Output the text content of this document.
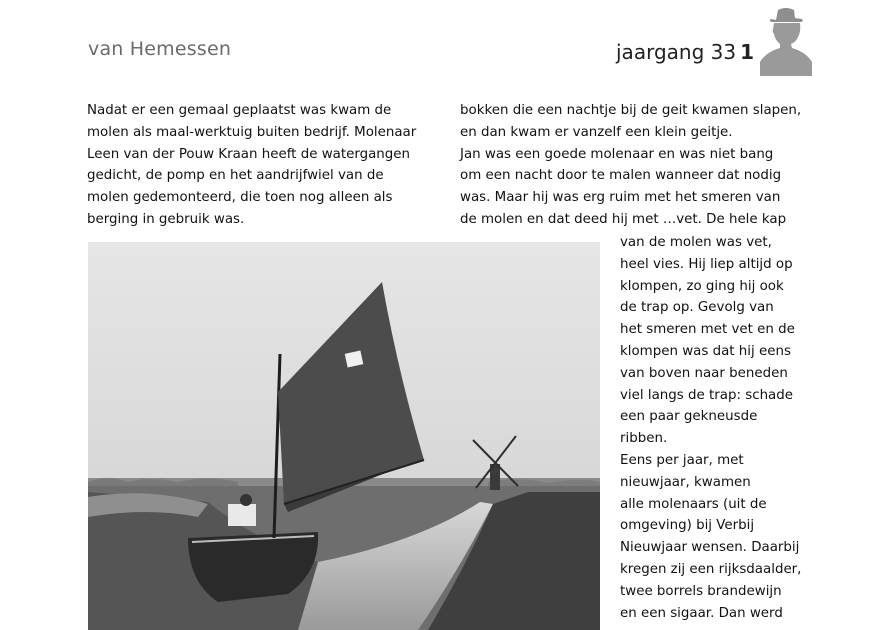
van Hemessen	jaargang 33 1
Nadat er een gemaal geplaatst was kwam de
molen als maal-werktuig buiten bedrijf. Molenaar
Leen van der Pouw Kraan heeft de watergangen
gedicht, de pomp en het aandrijfwiel van de
molen gedemonteerd, die toen nog alleen als
berging in gebruik was.
bokken die een nachtje bij de geit kwamen slapen,
en dan kwam er vanzelf een klein geitje.
Jan was een goede molenaar en was niet bang
om een nacht door te malen wanneer dat nodig
was. Maar hij was erg ruim met het smeren van
de molen en dat deed hij met …vet. De hele kap
van de molen was vet,
heel vies. Hij liep altijd op
klompen, zo ging hij ook
de trap op. Gevolg van
het smeren met vet en de
klompen was dat hij eens
van boven naar beneden
viel langs de trap: schade
een paar gekneusde
ribben.
Eens per jaar, met
nieuwjaar, kwamen
alle molenaars (uit de
omgeving) bij Verbij
Nieuwjaar wensen. Daarbij
kregen zij een rijksdaalder,
twee borrels brandewijn
en een sigaar. Dan werd
